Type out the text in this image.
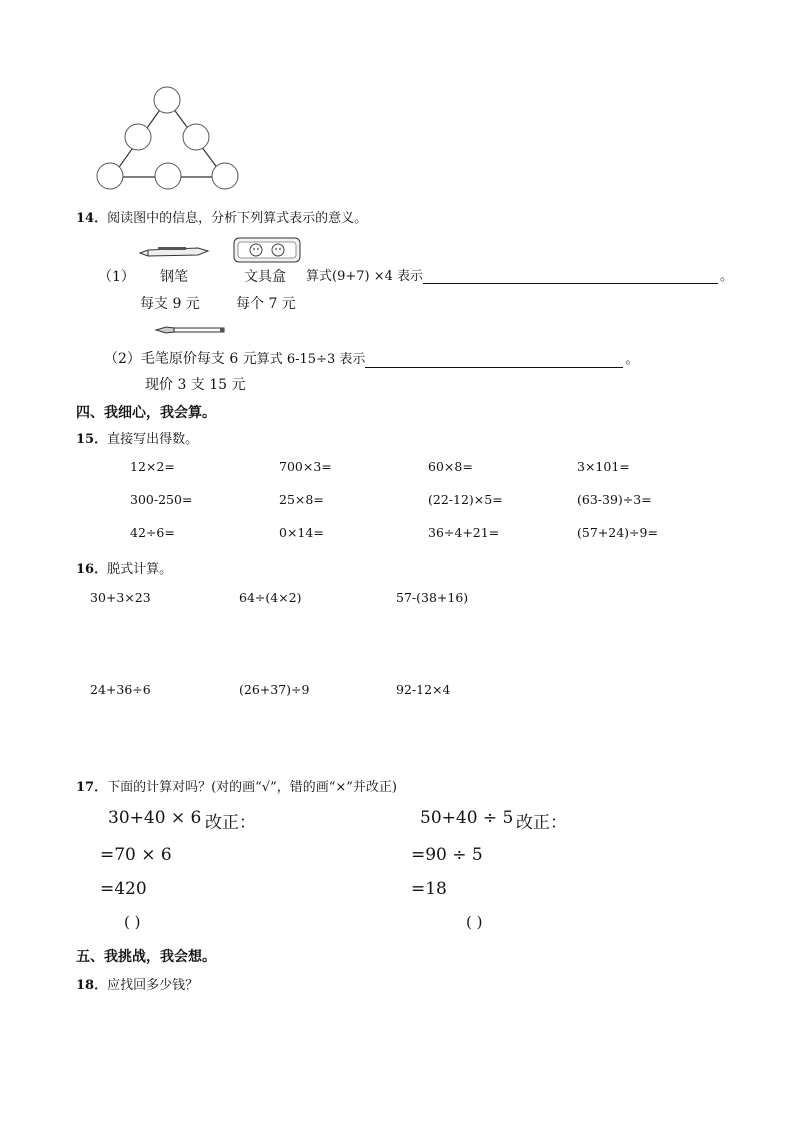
14．阅读图中的信息，分析下列算式表示的意义。
（1） 钢笔
每支 9 元
文具盒
每个 7 元
算式(9+7) ×4 表示	。
（2）毛笔原价每支 6 元算式 6-15÷3 表示	。
现价 3 支 15 元
四、我细心，我会算。
15．直接写出得数。
12×2=	700×3=	60×8=	3×101=
300-250=	25×8=	(22-12)×5=	(63-39)÷3=
42÷6=	0×14=	36÷4+21=	(57+24)÷9=
16．脱式计算。
30+3×23	64÷(4×2)	57-(38+16)
24+36÷6	(26+37)÷9	92-12×4
17．下面的计算对吗？(对的画“√”，错的画“×”并改正)
30+40 × 6 改正：
=70 × 6
=420
( )
50+40 ÷ 5 改正：
=90 ÷ 5
=18
( )
五、我挑战，我会想。
18．应找回多少钱？
